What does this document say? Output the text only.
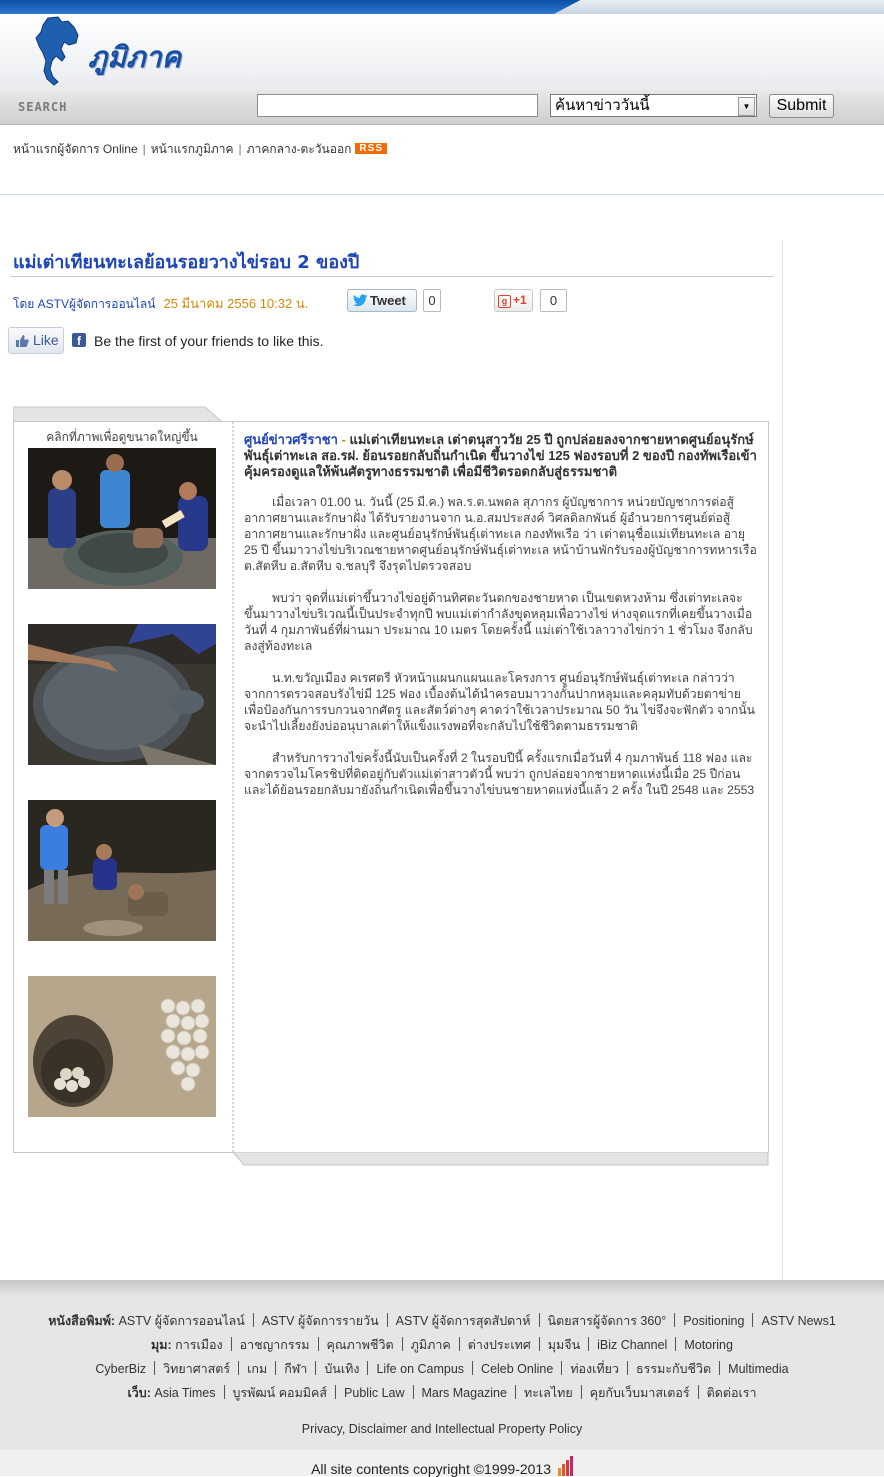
ภูมิภาค
SEARCH	ค้นหาข่าววันนี้	▼	Submit
หน้าแรกผู้จัดการ Online | หน้าแรกภูมิภาค | ภาคกลาง-ตะวันออก RSS
แม่เต่าเทียนทะเลย้อนรอยวางไข่รอบ 2 ของปี
โดย ASTVผู้จัดการออนไลน์ 25 มีนาคม 2556 10:32 น.	Tweet	0	g +1	0
Like	f Be the first of your friends to like this.
คลิกที่ภาพเพื่อดูขนาดใหญ่ขึ้น	ศูนย์ข่าวศรีราชา - แม่เต่าเทียนทะเล เต่าตนุสาววัย 25 ปี ถูกปล่อยลงจากชายหาดศูนย์อนุรักษ์พันธุ์เต่าทะเล สอ.รฝ. ย้อนรอยกลับถิ่นกำเนิด ขึ้นวางไข่ 125 ฟองรอบที่ 2 ของปี กองทัพเรือเข้าคุ้มครองดูแลให้พ้นศัตรูทางธรรมชาติ เพื่อมีชีวิตรอดกลับสู่ธรรมชาติ

เมื่อเวลา 01.00 น. วันนี้ (25 มี.ค.) พล.ร.ต.นพดล สุภากร ผู้บัญชาการ หน่วยบัญชาการต่อสู้อากาศยานและรักษาฝั่ง ได้รับรายงานจาก น.อ.สมประสงค์ วิศลดิลกพันธ์ ผู้อำนวยการศูนย์ต่อสู้อากาศยานและรักษาฝั่ง และศูนย์อนุรักษ์พันธุ์เต่าทะเล กองทัพเรือ ว่า เต่าตนุชื่อแม่เทียนทะเล อายุ 25 ปี ขึ้นมาวางไข่บริเวณชายหาดศูนย์อนุรักษ์พันธุ์เต่าทะเล หน้าบ้านพักรับรองผู้บัญชาการทหารเรือ ต.สัตหีบ อ.สัตหีบ จ.ชลบุรี จึงรุดไปตรวจสอบ

พบว่า จุดที่แม่เต่าขึ้นวางไข่อยู่ด้านทิศตะวันตกของชายหาด เป็นเขตหวงห้าม ซึ่งเต่าทะเลจะขึ้นมาวางไข่บริเวณนี้เป็นประจำทุกปี พบแม่เต่ากำลังขุดหลุมเพื่อวางไข่ ห่างจุดแรกที่เคยขึ้นวางเมื่อวันที่ 4 กุมภาพันธ์ที่ผ่านมา ประมาณ 10 เมตร โดยครั้งนี้ แม่เต่าใช้เวลาวางไข่กว่า 1 ชั่วโมง จึงกลับลงสู่ท้องทะเล

น.ท.ขวัญเมือง คเรศตรี หัวหน้าแผนกแผนและโครงการ ศูนย์อนุรักษ์พันธุ์เต่าทะเล กล่าวว่า จากการตรวจสอบรังไข่มี 125 ฟอง เบื้องต้นได้นำครอบมาวางกั้นปากหลุมและคลุมทับด้วยตาข่ายเพื่อป้องกันการรบกวนจากศัตรู และสัตว์ต่างๆ คาดว่าใช้เวลาประมาณ 50 วัน ไข่จึงจะฟักตัว จากนั้นจะนำไปเลี้ยงยังบ่ออนุบาลเต่าให้แข็งแรงพอที่จะกลับไปใช้ชีวิตตามธรรมชาติ

สำหรับการวางไข่ครั้งนี้นับเป็นครั้งที่ 2 ในรอบปีนี้ ครั้งแรกเมื่อวันที่ 4 กุมภาพันธ์ 118 ฟอง และจากตรวจไมโครชิปที่ติดอยู่กับตัวแม่เต่าสาวตัวนี้ พบว่า ถูกปล่อยจากชายหาดแห่งนี้เมื่อ 25 ปีก่อน และได้ย้อนรอยกลับมายังถิ่นกำเนิดเพื่อขึ้นวางไข่บนชายหาดแห่งนี้แล้ว 2 ครั้ง ในปี 2548 และ 2553

หนังสือพิมพ์: ASTV ผู้จัดการออนไลน์ ASTV ผู้จัดการรายวัน ASTV ผู้จัดการสุดสัปดาห์ นิตยสารผู้จัดการ 360° Positioning ASTV News1
มุม: การเมือง อาชญากรรม คุณภาพชีวิต ภูมิภาค ต่างประเทศ มุมจีน iBiz Channel Motoring
CyberBiz วิทยาศาสตร์ เกม กีฬา บันเทิง Life on Campus Celeb Online ท่องเที่ยว ธรรมะกับชีวิต Multimedia
เว็บ: Asia Times บูรพัฒน์ คอมมิคส์ Public Law Mars Magazine ทะเลไทย คุยกับเว็บมาสเตอร์ ติดต่อเรา
Privacy, Disclaimer and Intellectual Property Policy
All site contents copyright ©1999-2013
